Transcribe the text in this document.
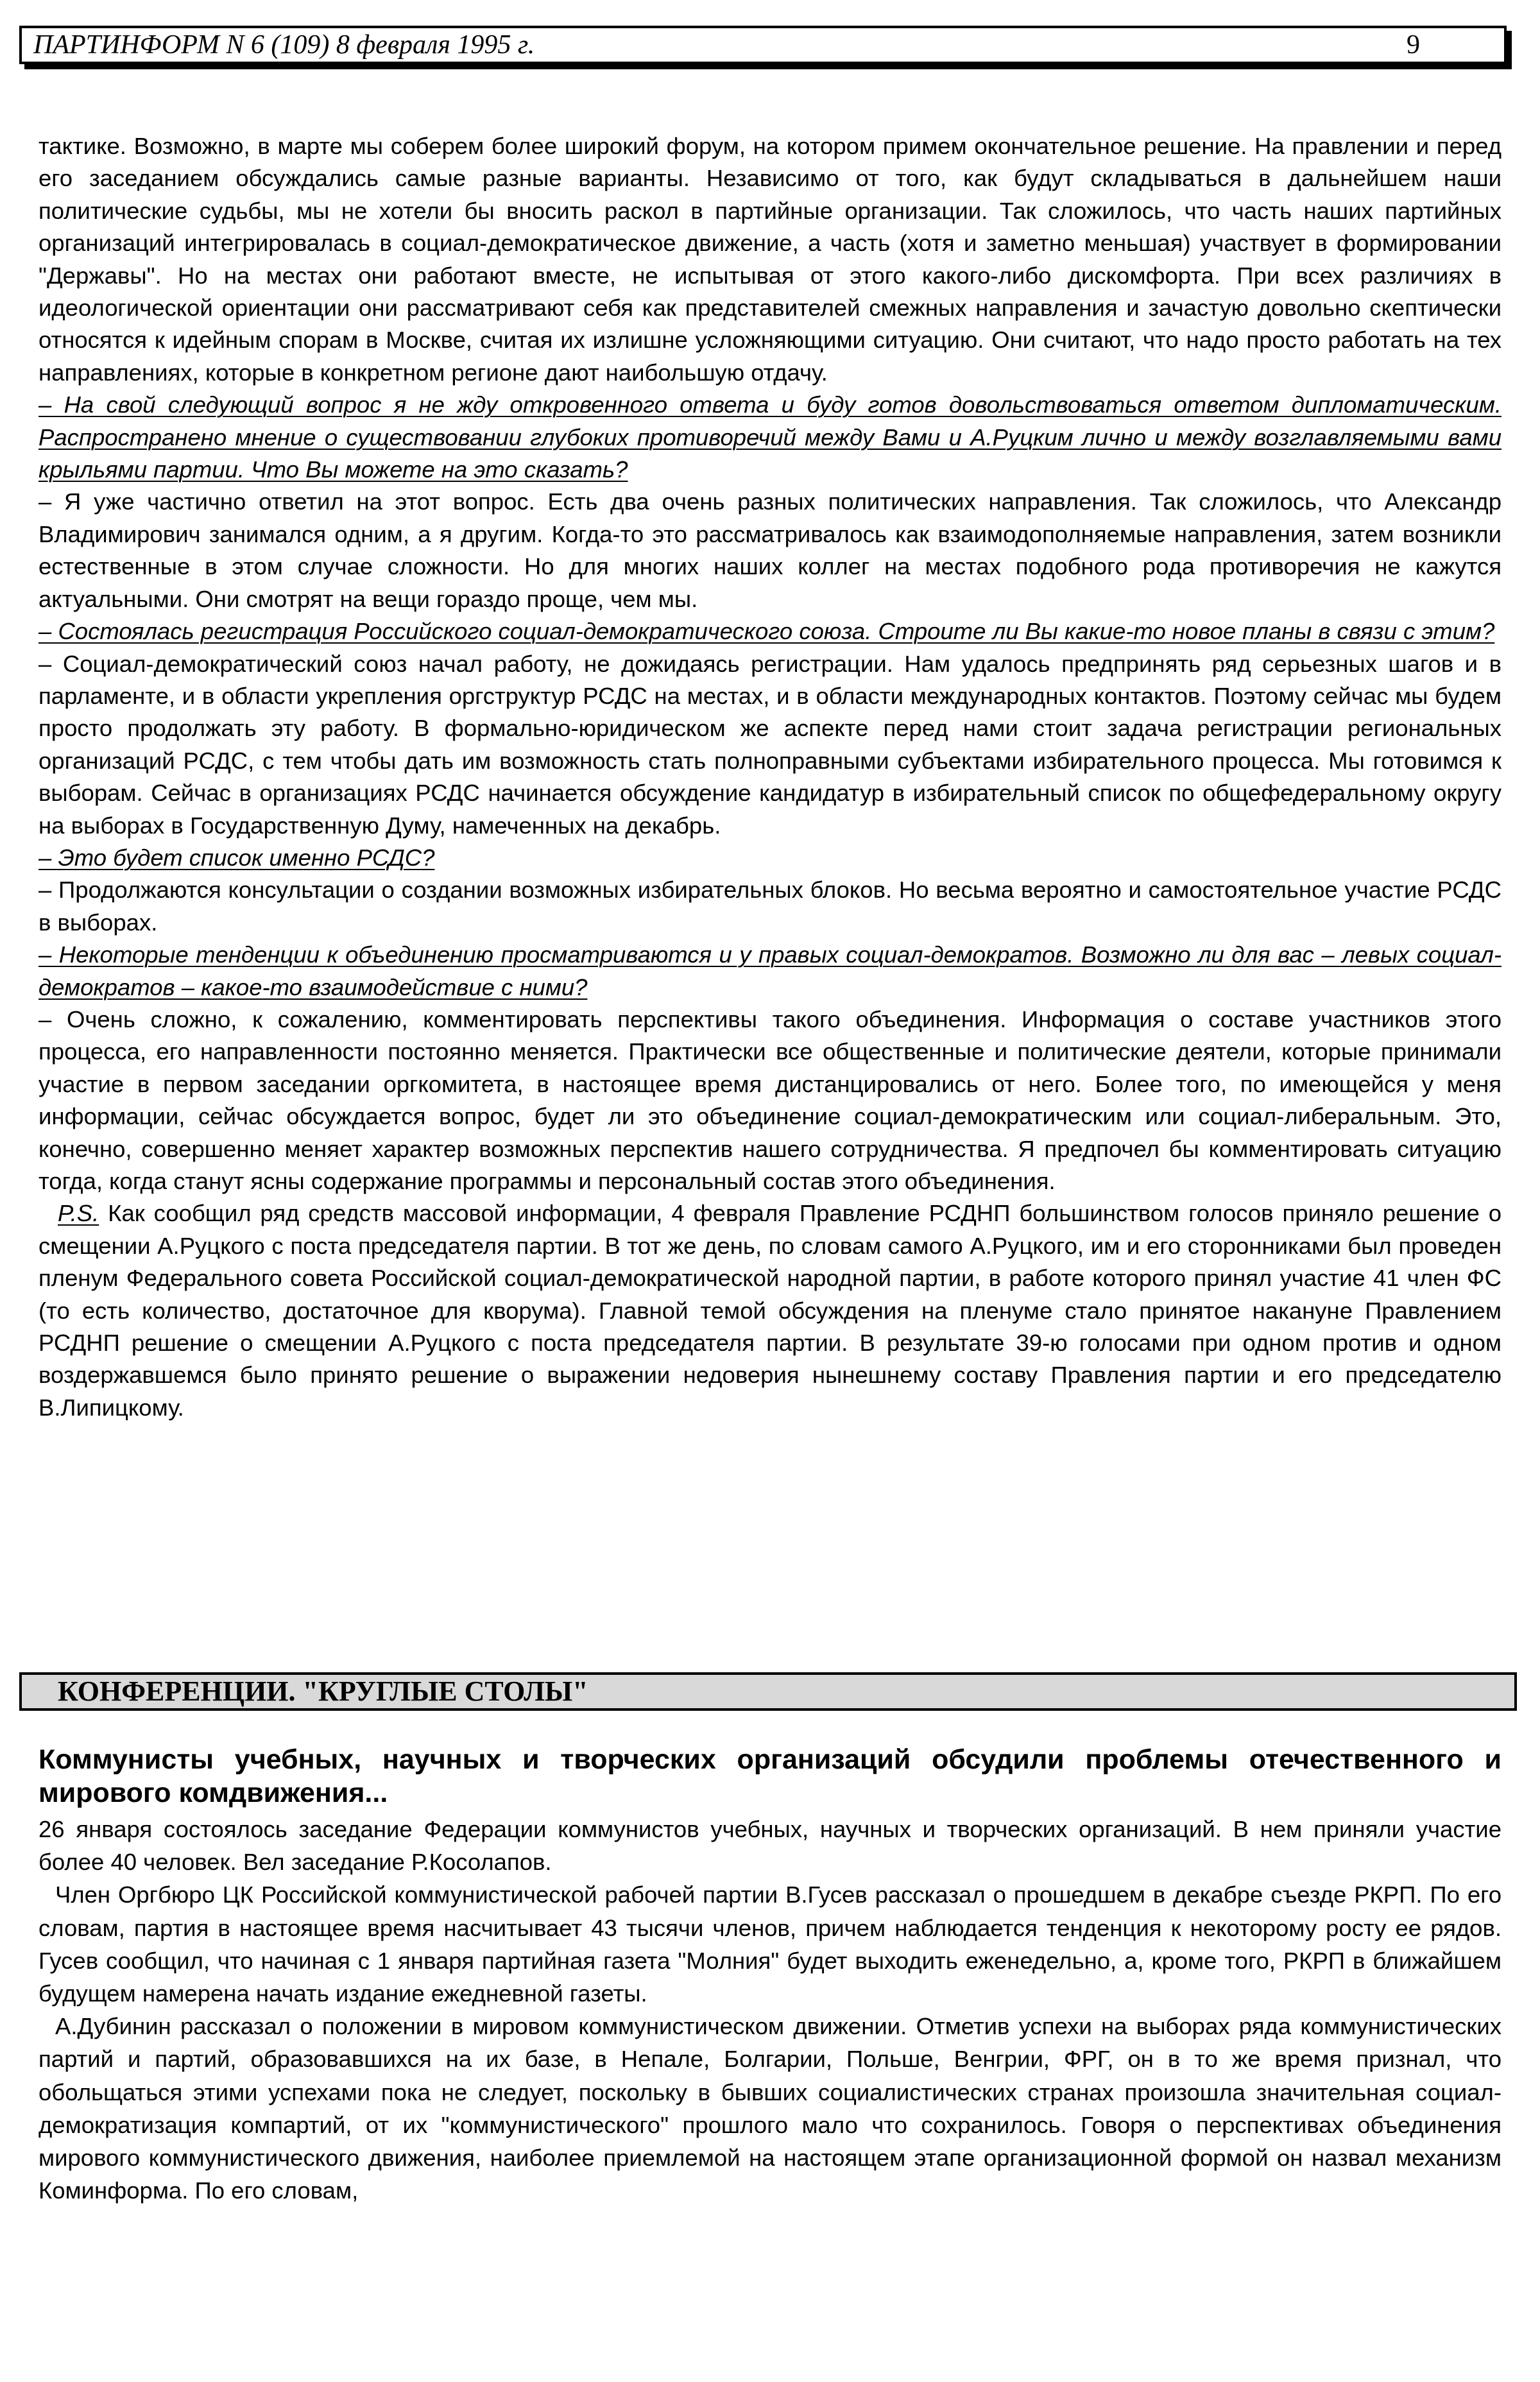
ПАРТИНФОРМ N 6 (109) 8 февраля 1995 г.	9

тактике. Возможно, в марте мы соберем более широкий форум, на котором примем окончательное решение. На правлении и перед его заседанием обсуждались самые разные варианты. Независимо от того, как будут складываться в дальнейшем наши политические судьбы, мы не хотели бы вносить раскол в партийные организации. Так сложилось, что часть наших партийных организаций интегрировалась в социал-демократическое движение, а часть (хотя и заметно меньшая) участвует в формировании "Державы". Но на местах они работают вместе, не испытывая от этого какого-либо дискомфорта. При всех различиях в идеологической ориентации они рассматривают себя как представителей смежных направления и зачастую довольно скептически относятся к идейным спорам в Москве, считая их излишне усложняющими ситуацию. Они считают, что надо просто работать на тех направлениях, которые в конкретном регионе дают наибольшую отдачу.

– На свой следующий вопрос я не жду откровенного ответа и буду готов довольствоваться ответом дипломатическим. Распространено мнение о существовании глубоких противоречий между Вами и А.Руцким лично и между возглавляемыми вами крыльями партии. Что Вы можете на это сказать?

– Я уже частично ответил на этот вопрос. Есть два очень разных политических направления. Так сложилось, что Александр Владимирович занимался одним, а я другим. Когда-то это рассматривалось как взаимодополняемые направления, затем возникли естественные в этом случае сложности. Но для многих наших коллег на местах подобного рода противоречия не кажутся актуальными. Они смотрят на вещи гораздо проще, чем мы.

– Состоялась регистрация Российского социал-демократического союза. Строите ли Вы какие-то новое планы в связи с этим?

– Социал-демократический союз начал работу, не дожидаясь регистрации. Нам удалось предпринять ряд серьезных шагов и в парламенте, и в области укрепления оргструктур РСДС на местах, и в области международных контактов. Поэтому сейчас мы будем просто продолжать эту работу. В формально-юридическом же аспекте перед нами стоит задача регистрации региональных организаций РСДС, с тем чтобы дать им возможность стать полноправными субъектами избирательного процесса. Мы готовимся к выборам. Сейчас в организациях РСДС начинается обсуждение кандидатур в избирательный список по общефедеральному округу на выборах в Государственную Думу, намеченных на декабрь.

– Это будет список именно РСДС?

– Продолжаются консультации о создании возможных избирательных блоков. Но весьма вероятно и самостоятельное участие РСДС в выборах.

– Некоторые тенденции к объединению просматриваются и у правых социал-демократов. Возможно ли для вас – левых социал-демократов – какое-то взаимодействие с ними?

– Очень сложно, к сожалению, комментировать перспективы такого объединения. Информация о составе участников этого процесса, его направленности постоянно меняется. Практически все общественные и политические деятели, которые принимали участие в первом заседании оргкомитета, в настоящее время дистанцировались от него. Более того, по имеющейся у меня информации, сейчас обсуждается вопрос, будет ли это объединение социал-демократическим или социал-либеральным. Это, конечно, совершенно меняет характер возможных перспектив нашего сотрудничества. Я предпочел бы комментировать ситуацию тогда, когда станут ясны содержание программы и персональный состав этого объединения.

P.S. Как сообщил ряд средств массовой информации, 4 февраля Правление РСДНП большинством голосов приняло решение о смещении А.Руцкого с поста председателя партии. В тот же день, по словам самого А.Руцкого, им и его сторонниками был проведен пленум Федерального совета Российской социал-демократической народной партии, в работе которого принял участие 41 член ФС (то есть количество, достаточное для кворума). Главной темой обсуждения на пленуме стало принятое накануне Правлением РСДНП решение о смещении А.Руцкого с поста председателя партии. В результате 39-ю голосами при одном против и одном воздержавшемся было принято решение о выражении недоверия нынешнему составу Правления партии и его председателю В.Липицкому.

КОНФЕРЕНЦИИ. "КРУГЛЫЕ СТОЛЫ"
Коммунисты учебных, научных и творческих организаций обсудили проблемы отечественного и мирового комдвижения...

26 января состоялось заседание Федерации коммунистов учебных, научных и творческих организаций. В нем приняли участие более 40 человек. Вел заседание Р.Косолапов.

Член Оргбюро ЦК Российской коммунистической рабочей партии В.Гусев рассказал о прошедшем в декабре съезде РКРП. По его словам, партия в настоящее время насчитывает 43 тысячи членов, причем наблюдается тенденция к некоторому росту ее рядов. Гусев сообщил, что начиная с 1 января партийная газета "Молния" будет выходить еженедельно, а, кроме того, РКРП в ближайшем будущем намерена начать издание ежедневной газеты.

А.Дубинин рассказал о положении в мировом коммунистическом движении. Отметив успехи на выборах ряда коммунистических партий и партий, образовавшихся на их базе, в Непале, Болгарии, Польше, Венгрии, ФРГ, он в то же время признал, что обольщаться этими успехами пока не следует, поскольку в бывших социалистических странах произошла значительная социал-демократизация компартий, от их "коммунистического" прошлого мало что сохранилось. Говоря о перспективах объединения мирового коммунистического движения, наиболее приемлемой на настоящем этапе организационной формой он назвал механизм Коминформа. По его словам,
